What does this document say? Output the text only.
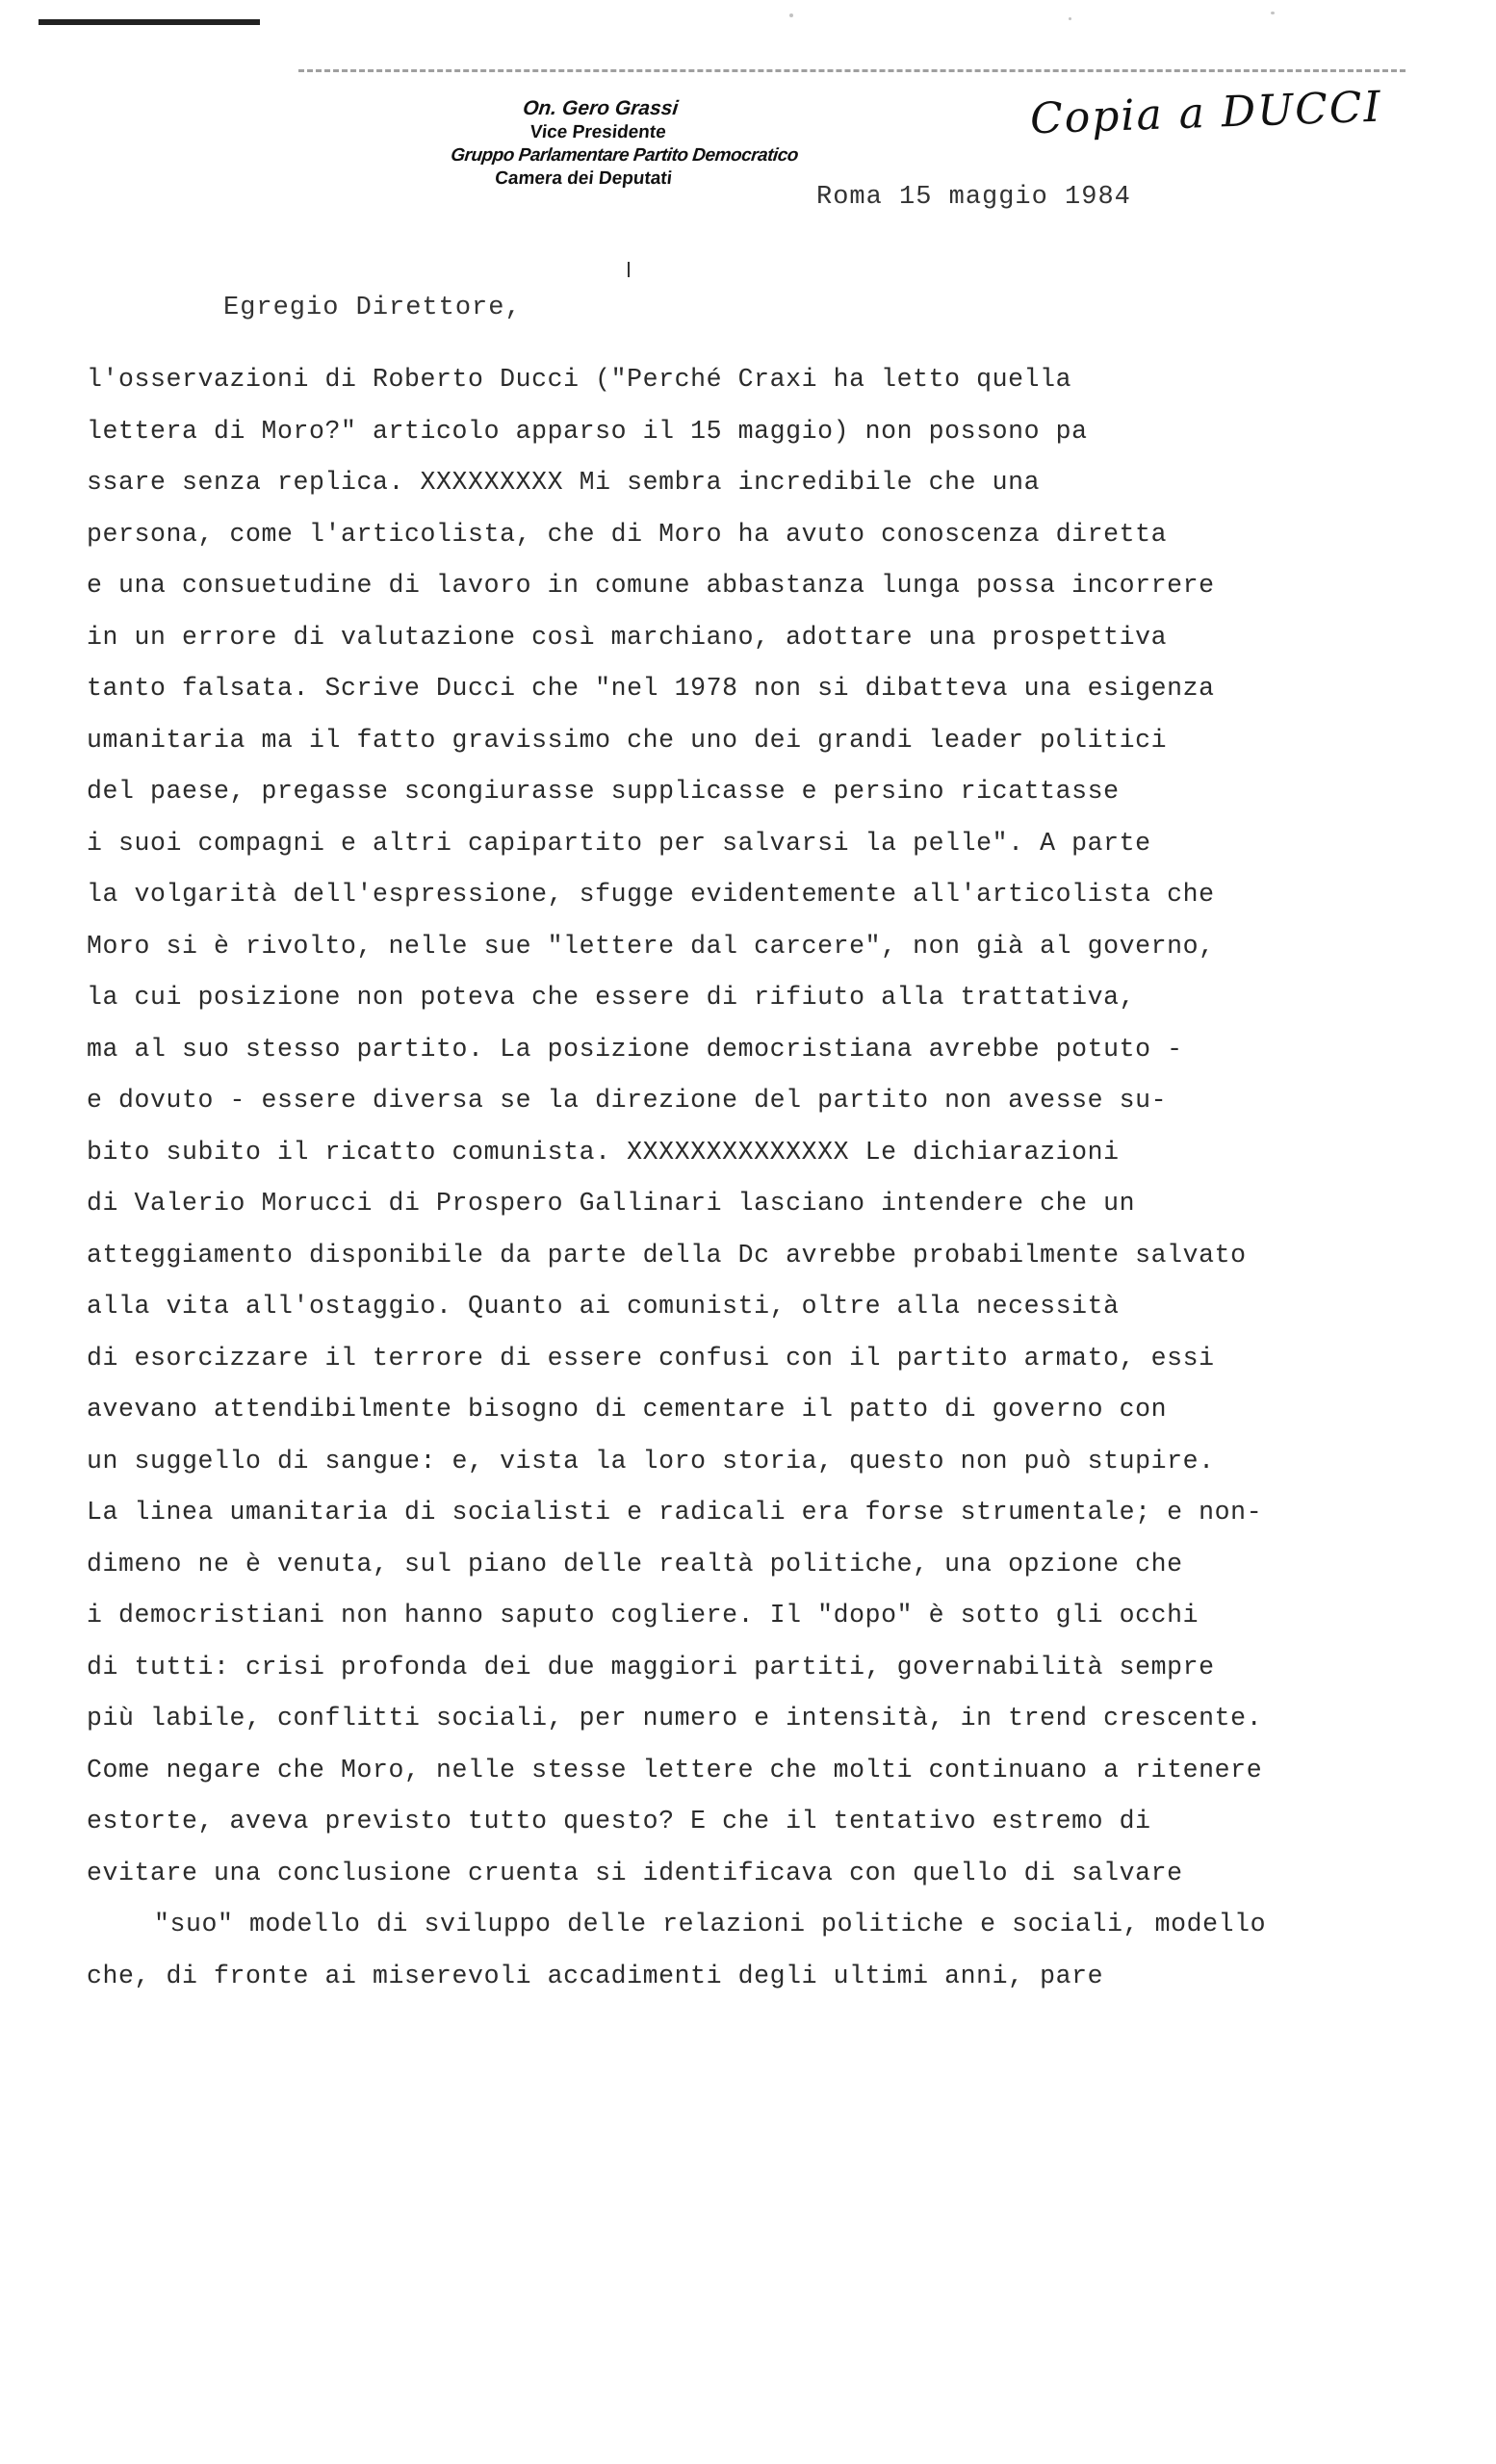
On. Gero Grassi
Vice Presidente
Gruppo Parlamentare Partito Democratico
Camera dei Deputati
Copia a DUCCI
Roma 15 maggio 1984
Egregio Direttore,
l'osservazioni di Roberto Ducci ("Perché Craxi ha letto quella
lettera di Moro?" articolo apparso il 15 maggio) non possono pa
ssare senza replica. XXXXXXXXX Mi sembra incredibile che una
persona, come l'articolista, che di Moro ha avuto conoscenza diretta
e una consuetudine di lavoro in comune abbastanza lunga possa incorrere
in un errore di valutazione così marchiano, adottare una prospettiva
tanto falsata. Scrive Ducci che "nel 1978 non si dibatteva una esigenza
umanitaria ma il fatto gravissimo che uno dei grandi leader politici
del paese, pregasse scongiurasse supplicasse e persino ricattasse
i suoi compagni e altri capipartito per salvarsi la pelle". A parte
la volgarità dell'espressione, sfugge evidentemente all'articolista che
Moro si è rivolto, nelle sue "lettere dal carcere", non già al governo,
la cui posizione non poteva che essere di rifiuto alla trattativa,
ma al suo stesso partito. La posizione democristiana avrebbe potuto -
e dovuto - essere diversa se la direzione del partito non avesse su-
bito subito il ricatto comunista. XXXXXXXXXXXXXX Le dichiarazioni
di Valerio Morucci di Prospero Gallinari lasciano intendere che un
atteggiamento disponibile da parte della Dc avrebbe probabilmente salvato
alla vita all'ostaggio. Quanto ai comunisti, oltre alla necessità
di esorcizzare il terrore di essere confusi con il partito armato, essi
avevano attendibilmente bisogno di cementare il patto di governo con
un suggello di sangue: e, vista la loro storia, questo non può stupire.
La linea umanitaria di socialisti e radicali era forse strumentale; e non-
dimeno ne è venuta, sul piano delle realtà politiche, una opzione che
i democristiani non hanno saputo cogliere. Il "dopo" è sotto gli occhi
di tutti: crisi profonda dei due maggiori partiti, governabilità sempre
più labile, conflitti sociali, per numero e intensità, in trend crescente.
Come negare che Moro, nelle stesse lettere che molti continuano a ritenere
estorte, aveva previsto tutto questo? E che il tentativo estremo di
evitare una conclusione cruenta si identificava con quello di salvare
"suo" modello di sviluppo delle relazioni politiche e sociali, modello
che, di fronte ai miserevoli accadimenti degli ultimi anni, pare
